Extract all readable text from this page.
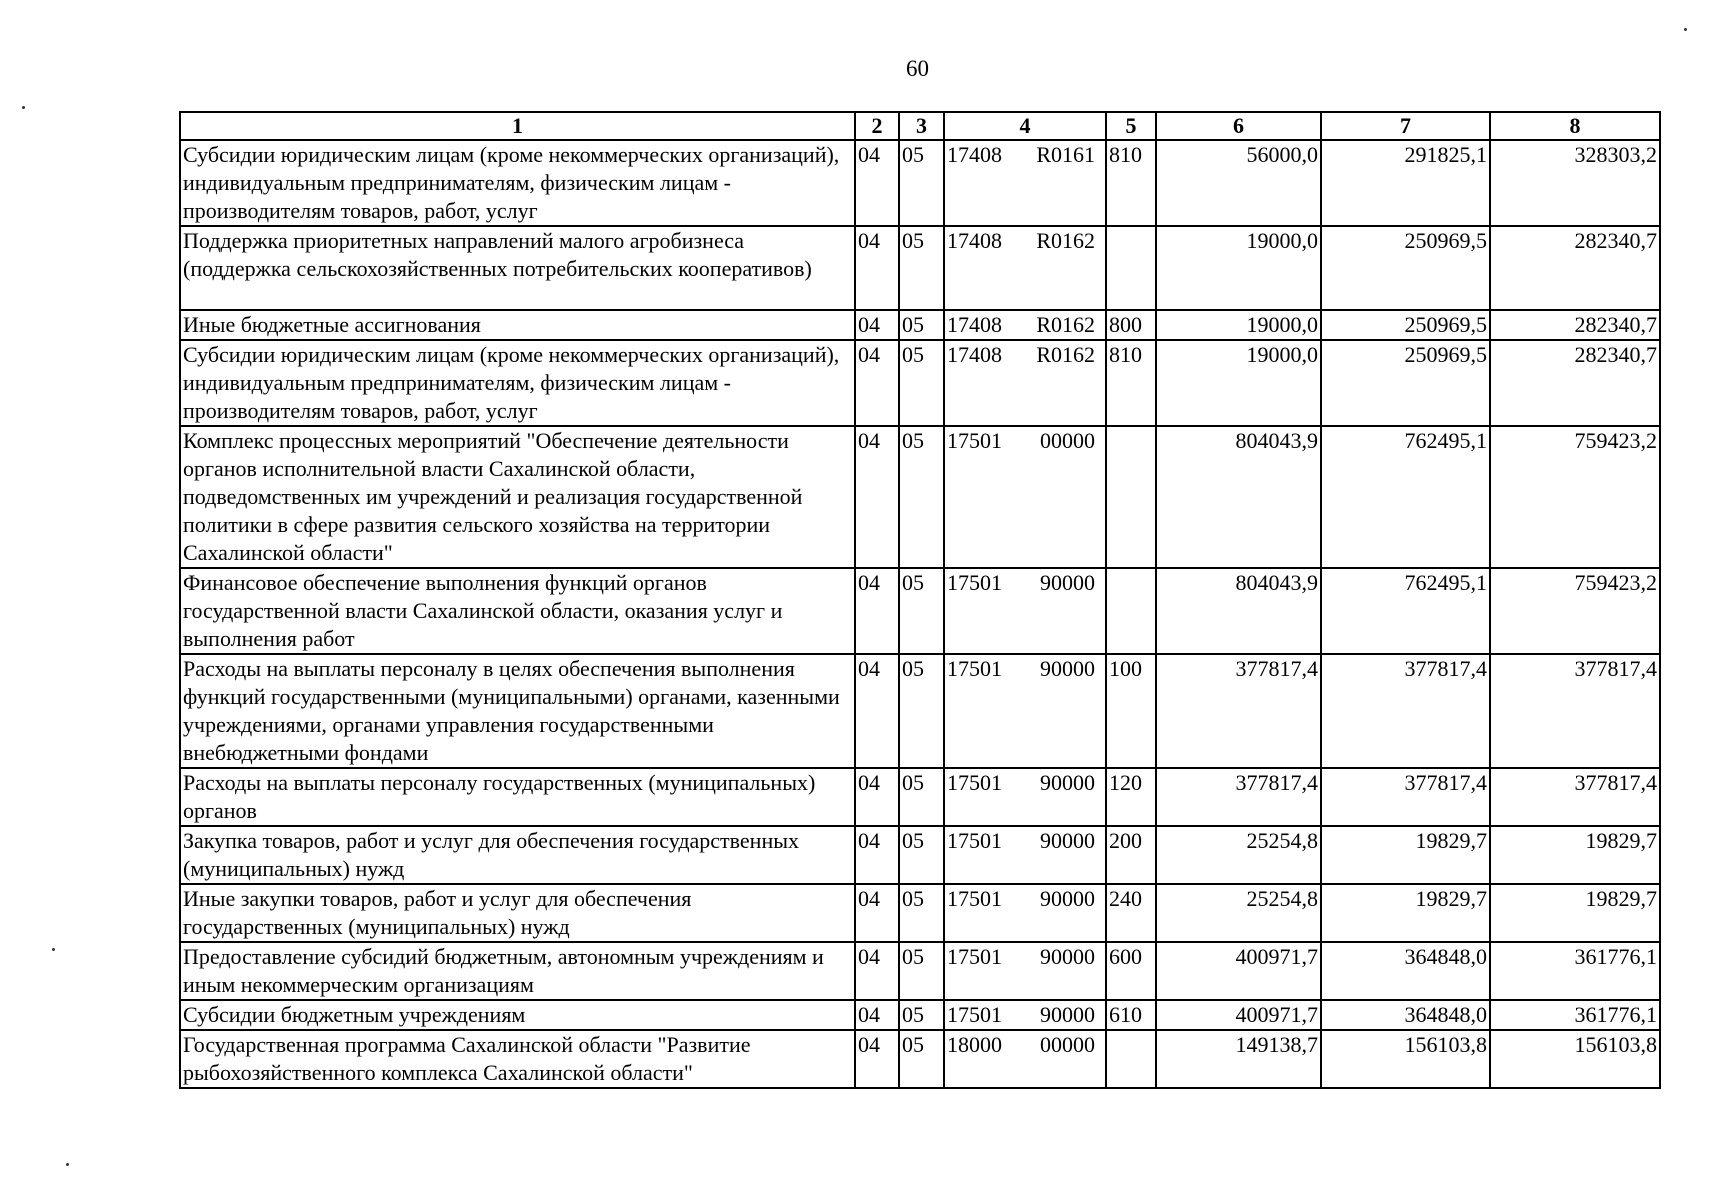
60
1	2	3	4	5	6	7	8
Субсидии юридическим лицам (кроме некоммерческих организаций), индивидуальным предпринимателям, физическим лицам - производителям товаров, работ, услуг	04	05	17408 R0161	810	56000,0	291825,1	328303,2
Поддержка приоритетных направлений малого агробизнеса (поддержка сельскохозяйственных потребительских кооперативов)	04	05	17408 R0162		19000,0	250969,5	282340,7
Иные бюджетные ассигнования	04	05	17408 R0162	800	19000,0	250969,5	282340,7
Субсидии юридическим лицам (кроме некоммерческих организаций), индивидуальным предпринимателям, физическим лицам - производителям товаров, работ, услуг	04	05	17408 R0162	810	19000,0	250969,5	282340,7
Комплекс процессных мероприятий "Обеспечение деятельности органов исполнительной власти Сахалинской области, подведомственных им учреждений и реализация государственной политики в сфере развития сельского хозяйства на территории Сахалинской области"	04	05	17501 00000		804043,9	762495,1	759423,2
Финансовое обеспечение выполнения функций органов государственной власти Сахалинской области, оказания услуг и выполнения работ	04	05	17501 90000		804043,9	762495,1	759423,2
Расходы на выплаты персоналу в целях обеспечения выполнения функций государственными (муниципальными) органами, казенными учреждениями, органами управления государственными внебюджетными фондами	04	05	17501 90000	100	377817,4	377817,4	377817,4
Расходы на выплаты персоналу государственных (муниципальных) органов	04	05	17501 90000	120	377817,4	377817,4	377817,4
Закупка товаров, работ и услуг для обеспечения государственных (муниципальных) нужд	04	05	17501 90000	200	25254,8	19829,7	19829,7
Иные закупки товаров, работ и услуг для обеспечения государственных (муниципальных) нужд	04	05	17501 90000	240	25254,8	19829,7	19829,7
Предоставление субсидий бюджетным, автономным учреждениям и иным некоммерческим организациям	04	05	17501 90000	600	400971,7	364848,0	361776,1
Субсидии бюджетным учреждениям	04	05	17501 90000	610	400971,7	364848,0	361776,1
Государственная программа Сахалинской области "Развитие рыбохозяйственного комплекса Сахалинской области"	04	05	18000 00000		149138,7	156103,8	156103,8
